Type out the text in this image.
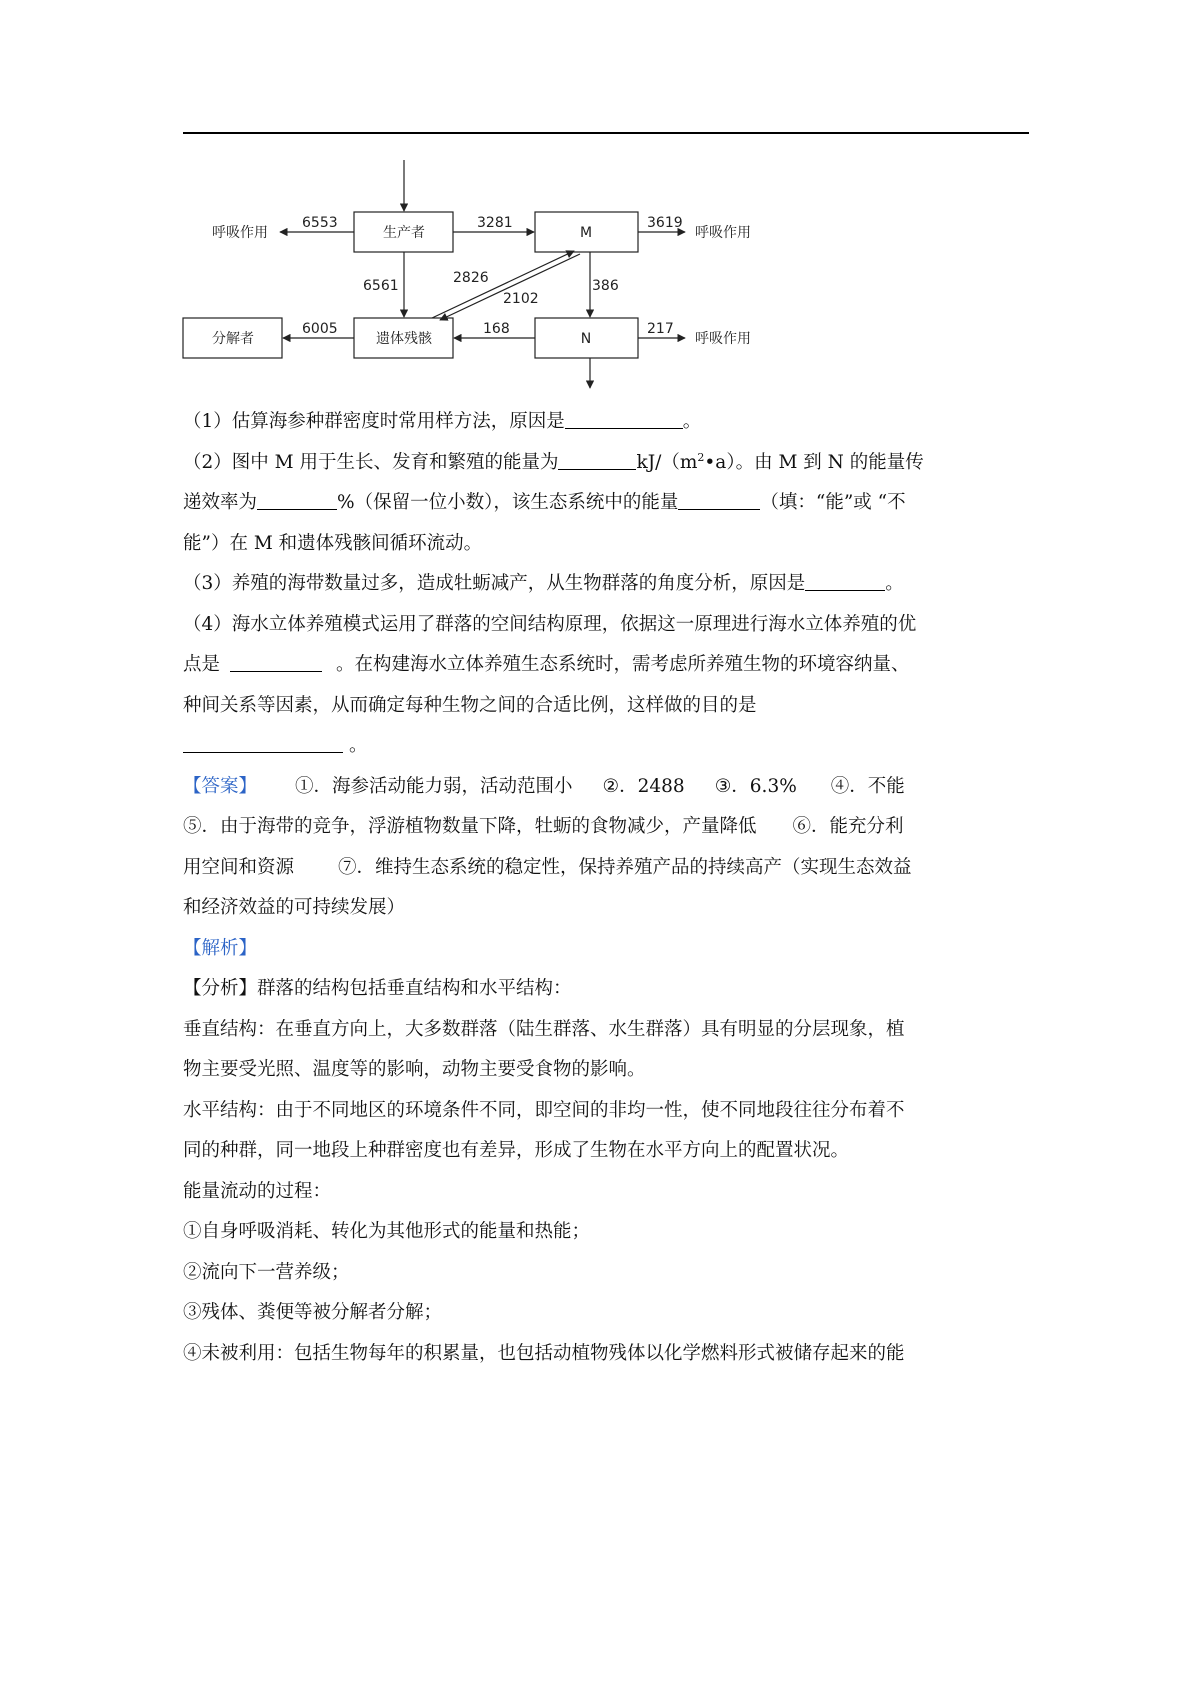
生产者	M
分解者	遗体残骸	N
呼吸作用	呼吸作用
呼吸作用
6553	3281	3619
6561	2826
2102
386
6005	168	217

（1）估算海参种群密度时常用样方法，原因是	。

（2）图中 M 用于生长、发育和繁殖的能量为	$kJ/(m^2•a)$。由 M 到 N 的能量传

递效率为	%（保留一位小数），该生态系统中的能量	（填：“能”或 “不

能”）在 M 和遗体残骸间循环流动。

（3）养殖的海带数量过多，造成牡蛎减产，从生物群落的角度分析，原因是	。

（4）海水立体养殖模式运用了群落的空间结构原理，依据这一原理进行海水立体养殖的优

点是	。在构建海水立体养殖生态系统时，需考虑所养殖生物的环境容纳量、

种间关系等因素，从而确定每种生物之间的合适比例，这样做的目的是

。

【答案】 ①．海参活动能力弱，活动范围小 ②．2488 ③．6.3% ④．不能

⑤．由于海带的竞争，浮游植物数量下降，牡蛎的食物减少，产量降低 ⑥．能充分利

用空间和资源 ⑦．维持生态系统的稳定性，保持养殖产品的持续高产（实现生态效益

和经济效益的可持续发展）

【解析】

【分析】群落的结构包括垂直结构和水平结构：

垂直结构：在垂直方向上，大多数群落（陆生群落、水生群落）具有明显的分层现象，植

物主要受光照、温度等的影响，动物主要受食物的影响。

水平结构：由于不同地区的环境条件不同，即空间的非均一性，使不同地段往往分布着不

同的种群，同一地段上种群密度也有差异，形成了生物在水平方向上的配置状况。

能量流动的过程：

①自身呼吸消耗、转化为其他形式的能量和热能；

②流向下一营养级；

③残体、粪便等被分解者分解；

④未被利用：包括生物每年的积累量，也包括动植物残体以化学燃料形式被储存起来的能
